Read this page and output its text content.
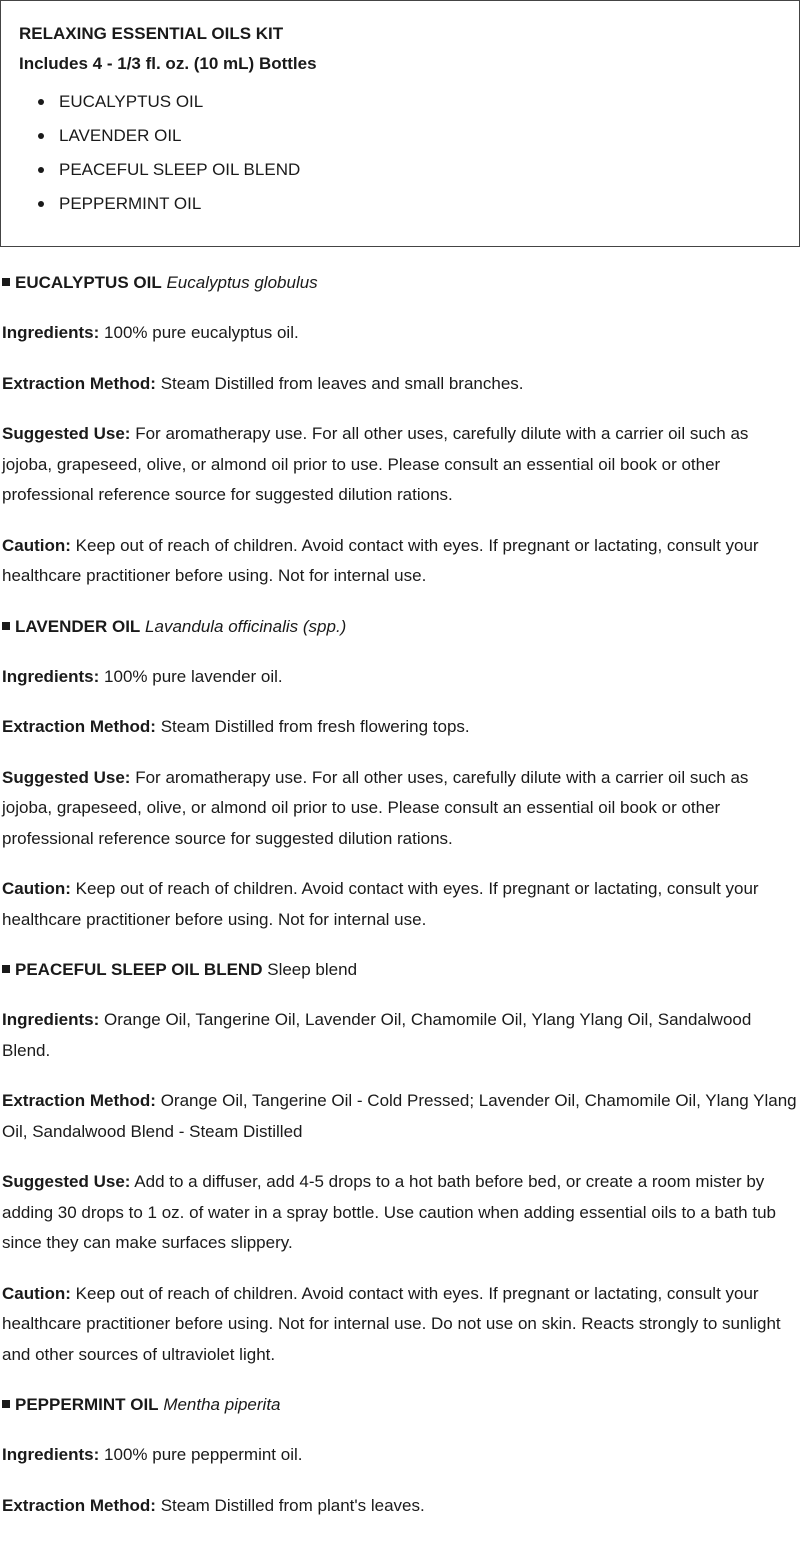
RELAXING ESSENTIAL OILS KIT

Includes 4 - 1/3 fl. oz. (10 mL) Bottles

EUCALYPTUS OIL
LAVENDER OIL
PEACEFUL SLEEP OIL BLEND
PEPPERMINT OIL

EUCALYPTUS OIL Eucalyptus globulus

Ingredients: 100% pure eucalyptus oil.

Extraction Method: Steam Distilled from leaves and small branches.

Suggested Use: For aromatherapy use. For all other uses, carefully dilute with a carrier oil such as jojoba, grapeseed, olive, or almond oil prior to use. Please consult an essential oil book or other professional reference source for suggested dilution rations.

Caution: Keep out of reach of children. Avoid contact with eyes. If pregnant or lactating, consult your healthcare practitioner before using. Not for internal use.

LAVENDER OIL Lavandula officinalis (spp.)

Ingredients: 100% pure lavender oil.

Extraction Method: Steam Distilled from fresh flowering tops.

Suggested Use: For aromatherapy use. For all other uses, carefully dilute with a carrier oil such as jojoba, grapeseed, olive, or almond oil prior to use. Please consult an essential oil book or other professional reference source for suggested dilution rations.

Caution: Keep out of reach of children. Avoid contact with eyes. If pregnant or lactating, consult your healthcare practitioner before using. Not for internal use.

PEACEFUL SLEEP OIL BLEND Sleep blend

Ingredients: Orange Oil, Tangerine Oil, Lavender Oil, Chamomile Oil, Ylang Ylang Oil, Sandalwood Blend.

Extraction Method: Orange Oil, Tangerine Oil - Cold Pressed; Lavender Oil, Chamomile Oil, Ylang Ylang Oil, Sandalwood Blend - Steam Distilled

Suggested Use: Add to a diffuser, add 4-5 drops to a hot bath before bed, or create a room mister by adding 30 drops to 1 oz. of water in a spray bottle. Use caution when adding essential oils to a bath tub since they can make surfaces slippery.

Caution: Keep out of reach of children. Avoid contact with eyes. If pregnant or lactating, consult your healthcare practitioner before using. Not for internal use. Do not use on skin. Reacts strongly to sunlight and other sources of ultraviolet light.

PEPPERMINT OIL Mentha piperita

Ingredients: 100% pure peppermint oil.

Extraction Method: Steam Distilled from plant's leaves.
